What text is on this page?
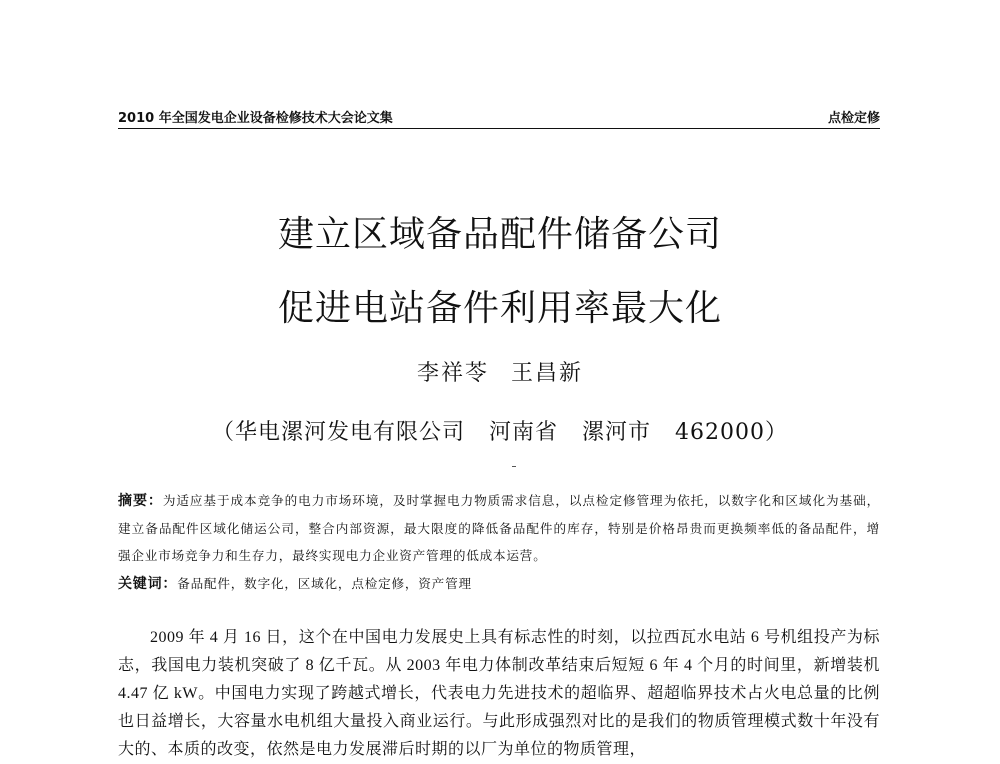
2010 年全国发电企业设备检修技术大会论文集	点检定修
建立区域备品配件储备公司
促进电站备件利用率最大化
李祥苓 王昌新
（华电漯河发电有限公司   河南省   漯河市   462000）
摘要：为适应基于成本竞争的电力市场环境，及时掌握电力物质需求信息，以点检定修管理为依托，以数字化和区域化为基础，建立备品配件区域化储运公司，整合内部资源，最大限度的降低备品配件的库存，特别是价格昂贵而更换频率低的备品配件，增强企业市场竞争力和生存力，最终实现电力企业资产管理的低成本运营。
关键词：备品配件，数字化，区域化，点检定修，资产管理
2009 年 4 月 16 日，这个在中国电力发展史上具有标志性的时刻，以拉西瓦水电站 6 号机组投产为标志，我国电力装机突破了 8 亿千瓦。从 2003 年电力体制改革结束后短短 6 年 4 个月的时间里，新增装机 4.47 亿 kW。中国电力实现了跨越式增长，代表电力先进技术的超临界、超超临界技术占火电总量的比例也日益增长，大容量水电机组大量投入商业运行。与此形成强烈对比的是我们的物质管理模式数十年没有大的、本质的改变，依然是电力发展滞后时期的以厂为单位的物质管理，
